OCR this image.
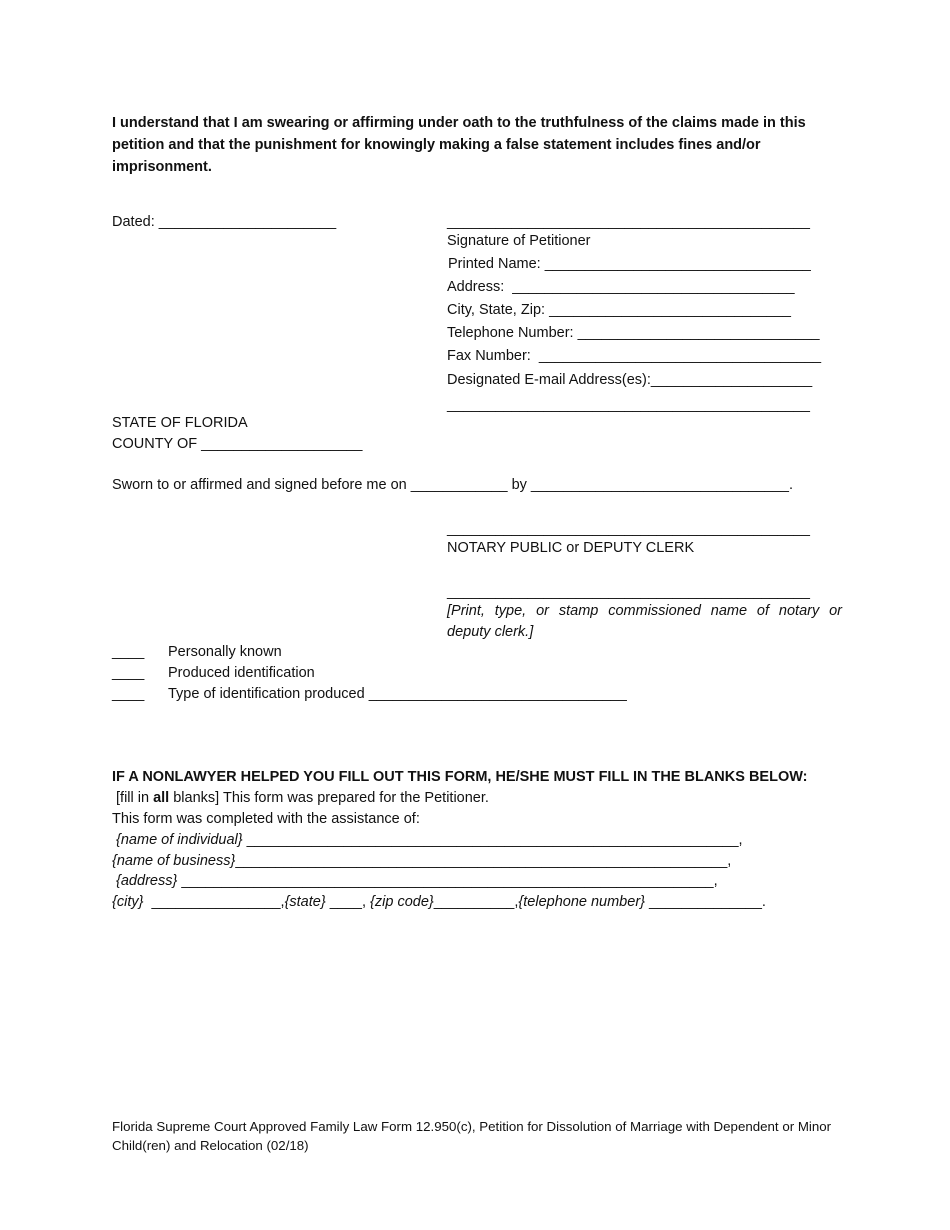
I understand that I am swearing or affirming under oath to the truthfulness of the claims made in this petition and that the punishment for knowingly making a false statement includes fines and/or imprisonment.
Dated: ______________________	_____________________________________________
Signature of Petitioner
Printed Name: _________________________________
Address:  ___________________________________
City, State, Zip: ______________________________
Telephone Number: ______________________________
Fax Number:  ___________________________________
Designated E-mail Address(es):____________________
_____________________________________________
STATE OF FLORIDA
COUNTY OF ____________________
Sworn to or affirmed and signed before me on ____________ by ________________________________.
_____________________________________________
NOTARY PUBLIC or DEPUTY CLERK
_____________________________________________
[Print, type, or stamp commissioned name of notary or deputy clerk.]
____ Personally known
____ Produced identification
____ Type of identification produced ________________________________
IF A NONLAWYER HELPED YOU FILL OUT THIS FORM, HE/SHE MUST FILL IN THE BLANKS BELOW:
[fill in all blanks] This form was prepared for the Petitioner.
This form was completed with the assistance of:
{name of individual} _____________________________________________________________,
{name of business}_____________________________________________________________,
{address} __________________________________________________________________,
{city}  ________________,{state} ____, {zip code}__________,{telephone number} ______________.
Florida Supreme Court Approved Family Law Form 12.950(c), Petition for Dissolution of Marriage with Dependent or Minor Child(ren) and Relocation (02/18)
